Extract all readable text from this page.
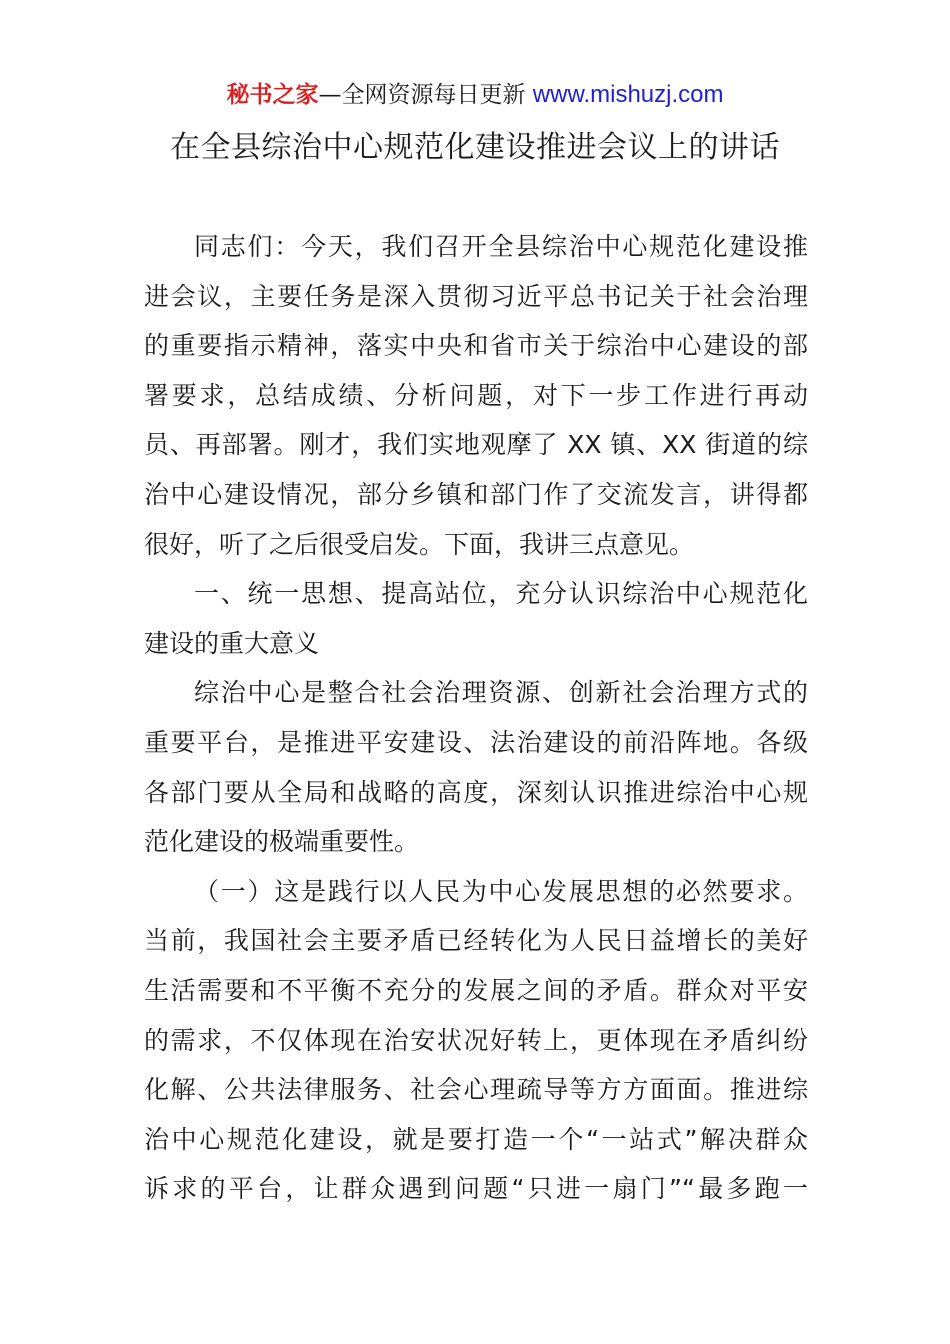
秘书之家—全网资源每日更新 www.mishuzj.com
在全县综治中心规范化建设推进会议上的讲话
同志们：今天，我们召开全县综治中心规范化建设推
进会议，主要任务是深入贯彻习近平总书记关于社会治理
的重要指示精神，落实中央和省市关于综治中心建设的部
署要求，总结成绩、分析问题，对下一步工作进行再动
员、再部署。刚才，我们实地观摩了 XX 镇、XX 街道的综
治中心建设情况，部分乡镇和部门作了交流发言，讲得都
很好，听了之后很受启发。下面，我讲三点意见。
一、统一思想、提高站位，充分认识综治中心规范化
建设的重大意义
综治中心是整合社会治理资源、创新社会治理方式的
重要平台，是推进平安建设、法治建设的前沿阵地。各级
各部门要从全局和战略的高度，深刻认识推进综治中心规
范化建设的极端重要性。
（一）这是践行以人民为中心发展思想的必然要求。
当前，我国社会主要矛盾已经转化为人民日益增长的美好
生活需要和不平衡不充分的发展之间的矛盾。群众对平安
的需求，不仅体现在治安状况好转上，更体现在矛盾纠纷
化解、公共法律服务、社会心理疏导等方方面面。推进综
治中心规范化建设，就是要打造一个“一站式”解决群众
诉求的平台，让群众遇到问题“只进一扇门”“最多跑一
